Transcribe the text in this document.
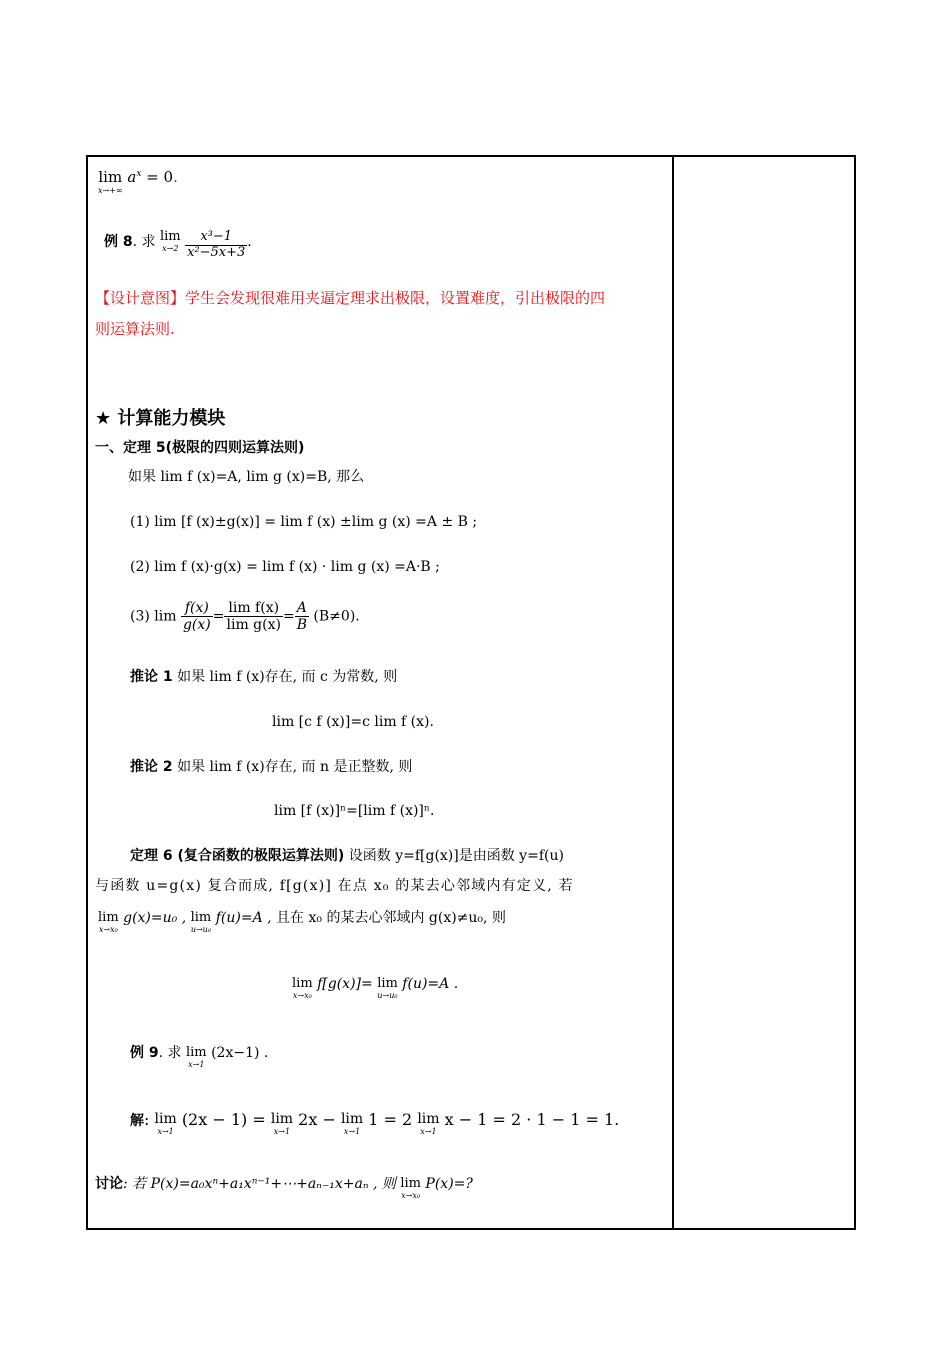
lim
x→+∞
$a^x = 0$.
例 8. 求 lim
x→2
$\frac{\text{x³−1}}{\text{x²−5x+3}}$ .
【设计意图】学生会发现很难用夹逼定理求出极限，设置难度，引出极限的四
则运算法则.
★ 计算能力模块
一、定理 5(极限的四则运算法则)
如果 lim f (x)=A, lim g (x)=B, 那么
(1) lim [f (x)±g(x)] = lim f (x) ±lim g (x) =A ± B ;
(2) lim f (x)·g(x) = lim f (x) · lim g (x) =A·B ;
(3) $\lim \frac{f(x)}{g(x)} = \frac{\text{lim f(x)}}{\text{lim g(x)}} = \frac{A}{B} (B\ne 0)$.
推论 1 如果 lim f (x)存在, 而 c 为常数, 则
lim [c f (x)]=c lim f (x).
推论 2 如果 lim f (x)存在, 而 n 是正整数, 则
lim [f (x)]ⁿ=[lim f (x)]ⁿ.
定理 6 (复合函数的极限运算法则) 设函数 y=f[g(x)]是由函数 y=f(u)
与函数 u=g(x) 复合而成, f[g(x)] 在点 x₀ 的某去心邻域内有定义, 若
lim
x→x₀
g(x)=u₀ , lim
u→u₀
f(u)=A , 且在 x₀ 的某去心邻域内 g(x)≠u₀, 则
lim
x→x₀
f[g(x)]= lim
u→u₀
f(u)=A .
例 9. 求 lim
x→1
(2x−1) .
解: lim
x→1
(2x − 1) = lim
x→1
2x − lim
x→1
1 = 2 lim
x→1
x − 1 = 2 · 1 − 1 = 1.
讨论: 若 P(x)=a₀xⁿ+a₁xⁿ⁻¹+⋯+aₙ₋₁x+aₙ , 则 lim
x→x₀
P(x)=?
